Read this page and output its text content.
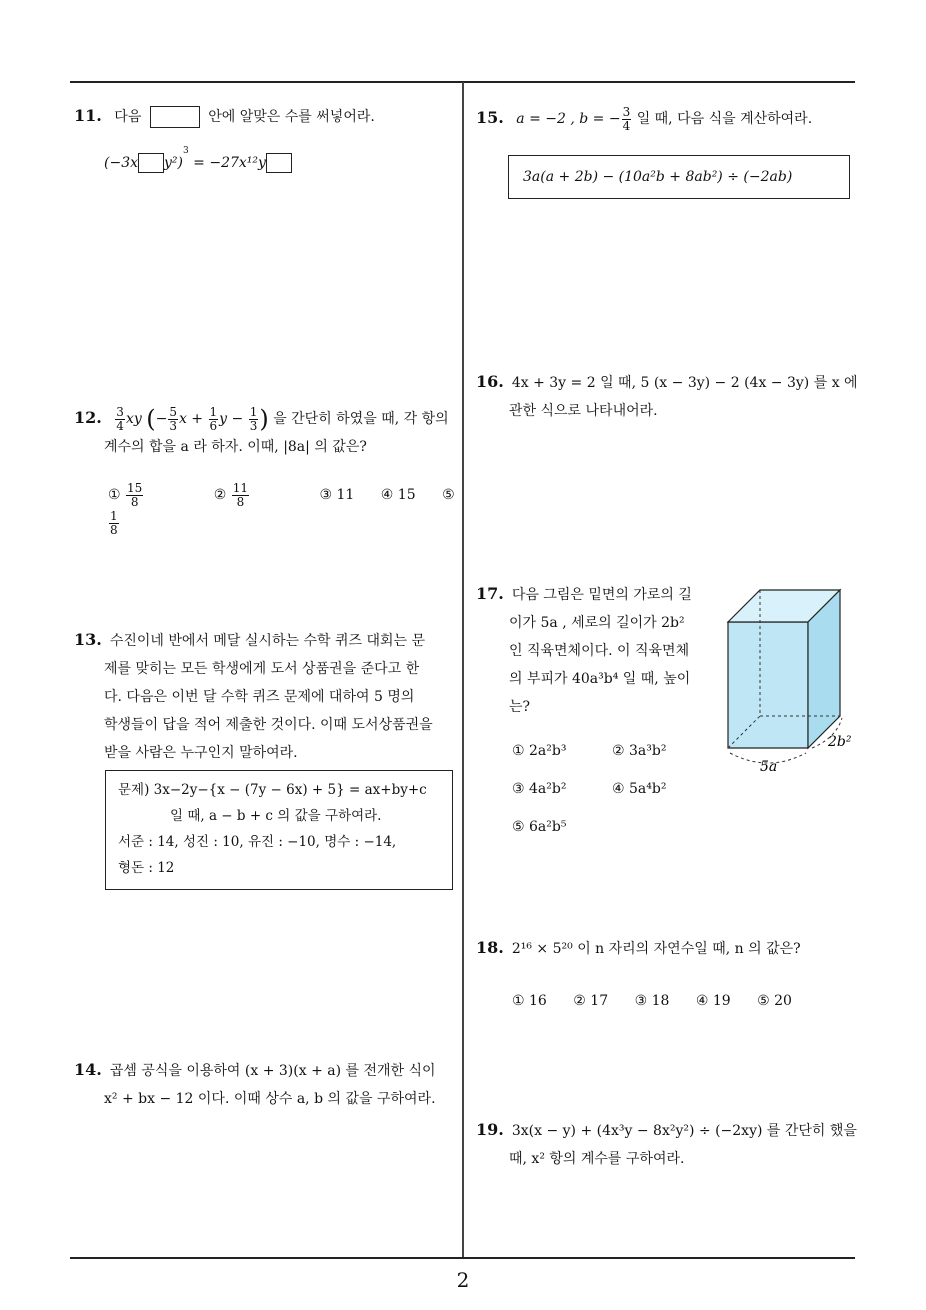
11. 다음	안에 알맞은 수를 써넣어라.
(−3x y²)$^3$ = −27x¹²y
12. $\frac{3}{4}$ xy (− $\frac{5}{3}$ $x + \frac{1}{6}$ $y - \frac{1}{3}$ ) 을 간단히 하였을 때, 각 항의
계수의 합을 a 라 하자. 이때, |8a| 의 값은?
① $\frac{15}{8}$	② $\frac{11}{8}$	③ 11 ④ 15 ⑤
$\frac{1}{8}$
13. 수진이네 반에서 메달 실시하는 수학 퀴즈 대회는 문
제를 맞히는 모든 학생에게 도서 상품권을 준다고 한
다. 다음은 이번 달 수학 퀴즈 문제에 대하여 5 명의
학생들이 답을 적어 제출한 것이다. 이때 도서상품권을
받을 사람은 누구인지 말하여라.
문제) 3x−2y−{x − (7y − 6x) + 5} = ax+by+c
일 때, a − b + c 의 값을 구하여라.
서준 : 14, 성진 : 10, 유진 : −10, 명수 : −14,
형돈 : 12
14. 곱셈 공식을 이용하여 (x + 3)(x + a) 를 전개한 식이
x² + bx − 12 이다. 이때 상수 a, b 의 값을 구하여라.
15. a = −2 , b = − $\frac{3}{4}$ 일 때, 다음 식을 계산하여라.
3a(a + 2b) − (10a²b + 8ab²) ÷ (−2ab)
16. 4x + 3y = 2 일 때, 5 (x − 3y) − 2 (4x − 3y) 를 x 에
관한 식으로 나타내어라.
17. 다음 그림은 밑면의 가로의 길
이가 5a , 세로의 길이가 2b²
인 직육면체이다. 이 직육면체
의 부피가 40a³b⁴ 일 때, 높이
는?
① 2a²b³	② 3a³b²
③ 4a²b²	④ 5a⁴b²
⑤ 6a²b⁵
5a
2b²
18. 2¹⁶ × 5²⁰ 이 n 자리의 자연수일 때, n 의 값은?
① 16 ② 17 ③ 18 ④ 19 ⑤ 20
19. 3x(x − y) + (4x³y − 8x²y²) ÷ (−2xy) 를 간단히 했을
때, x² 항의 계수를 구하여라.
2
